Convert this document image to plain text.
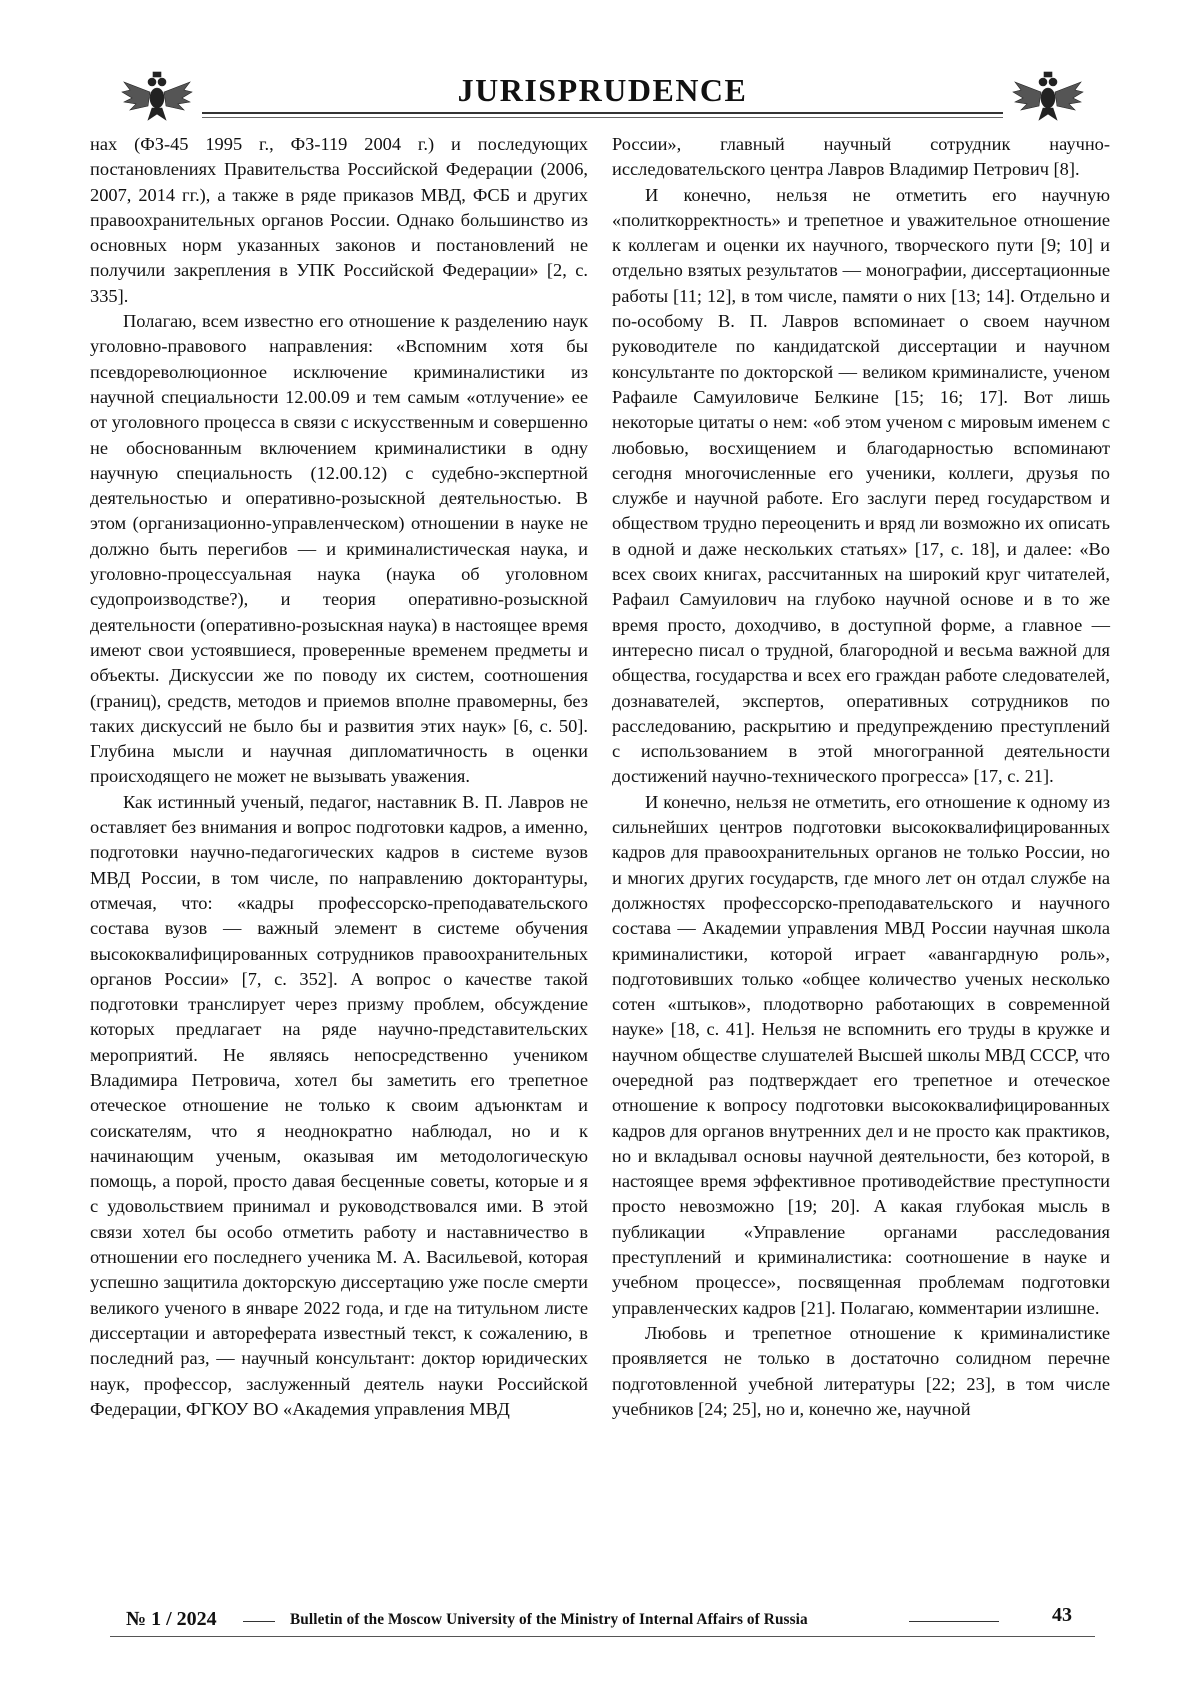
JURISPRUDENCE

нах (ФЗ-45 1995 г., ФЗ-119 2004 г.) и последующих постановлениях Правительства Российской Федерации (2006, 2007, 2014 гг.), а также в ряде приказов МВД, ФСБ и других правоохранительных органов России. Однако большинство из основных норм указанных законов и постановлений не получили закрепления в УПК Российской Федерации» [2, с. 335].

Полагаю, всем известно его отношение к разделению наук уголовно-правового направления: «Вспомним хотя бы псевдореволюционное исключение криминалистики из научной специальности 12.00.09 и тем самым «отлучение» ее от уголовного процесса в связи с искусственным и совершенно не обоснованным включением криминалистики в одну научную специальность (12.00.12) с судебно-экспертной деятельностью и оперативно-розыскной деятельностью. В этом (организационно-управленческом) отношении в науке не должно быть перегибов — и криминалистическая наука, и уголовно-процессуальная наука (наука об уголовном судопроизводстве?), и теория оперативно-розыскной деятельности (оперативно-розыскная наука) в настоящее время имеют свои устоявшиеся, проверенные временем предметы и объекты. Дискуссии же по поводу их систем, соотношения (границ), средств, методов и приемов вполне правомерны, без таких дискуссий не было бы и развития этих наук» [6, с. 50]. Глубина мысли и научная дипломатичность в оценки происходящего не может не вызывать уважения.

Как истинный ученый, педагог, наставник В. П. Лавров не оставляет без внимания и вопрос подготовки кадров, а именно, подготовки научно-педагогических кадров в системе вузов МВД России, в том числе, по направлению докторантуры, отмечая, что: «кадры профессорско-преподавательского состава вузов — важный элемент в системе обучения высококвалифицированных сотрудников правоохранительных органов России» [7, с. 352]. А вопрос о качестве такой подготовки транслирует через призму проблем, обсуждение которых предлагает на ряде научно-представительских мероприятий. Не являясь непосредственно учеником Владимира Петровича, хотел бы заметить его трепетное отеческое отношение не только к своим адъюнктам и соискателям, что я неоднократно наблюдал, но и к начинающим ученым, оказывая им методологическую помощь, а порой, просто давая бесценные советы, которые и я с удовольствием принимал и руководствовался ими. В этой связи хотел бы особо отметить работу и наставничество в отношении его последнего ученика М. А. Васильевой, которая успешно защитила докторскую диссертацию уже после смерти великого ученого в январе 2022 года, и где на титульном листе диссертации и автореферата известный текст, к сожалению, в последний раз, — научный консультант: доктор юридических наук, профессор, заслуженный деятель науки Российской Федерации, ФГКОУ ВО «Академия управления МВД

России», главный научный сотрудник научно-исследовательского центра Лавров Владимир Петрович [8].

И конечно, нельзя не отметить его научную «политкорректность» и трепетное и уважительное отношение к коллегам и оценки их научного, творческого пути [9; 10] и отдельно взятых результатов — монографии, диссертационные работы [11; 12], в том числе, памяти о них [13; 14]. Отдельно и по-особому В. П. Лавров вспоминает о своем научном руководителе по кандидатской диссертации и научном консультанте по докторской — великом криминалисте, ученом Рафаиле Самуиловиче Белкине [15; 16; 17]. Вот лишь некоторые цитаты о нем: «об этом ученом с мировым именем с любовью, восхищением и благодарностью вспоминают сегодня многочисленные его ученики, коллеги, друзья по службе и научной работе. Его заслуги перед государством и обществом трудно переоценить и вряд ли возможно их описать в одной и даже нескольких статьях» [17, с. 18], и далее: «Во всех своих книгах, рассчитанных на широкий круг читателей, Рафаил Самуилович на глубоко научной основе и в то же время просто, доходчиво, в доступной форме, а главное — интересно писал о трудной, благородной и весьма важной для общества, государства и всех его граждан работе следователей, дознавателей, экспертов, оперативных сотрудников по расследованию, раскрытию и предупреждению преступлений с использованием в этой многогранной деятельности достижений научно-технического прогресса» [17, с. 21].

И конечно, нельзя не отметить, его отношение к одному из сильнейших центров подготовки высококвалифицированных кадров для правоохранительных органов не только России, но и многих других государств, где много лет он отдал службе на должностях профессорско-преподавательского и научного состава — Академии управления МВД России научная школа криминалистики, которой играет «авангардную роль», подготовивших только «общее количество ученых несколько сотен «штыков», плодотворно работающих в современной науке» [18, с. 41]. Нельзя не вспомнить его труды в кружке и научном обществе слушателей Высшей школы МВД СССР, что очередной раз подтверждает его трепетное и отеческое отношение к вопросу подготовки высококвалифицированных кадров для органов внутренних дел и не просто как практиков, но и вкладывал основы научной деятельности, без которой, в настоящее время эффективное противодействие преступности просто невозможно [19; 20]. А какая глубокая мысль в публикации «Управление органами расследования преступлений и криминалистика: соотношение в науке и учебном процессе», посвященная проблемам подготовки управленческих кадров [21]. Полагаю, комментарии излишне.

Любовь и трепетное отношение к криминалистике проявляется не только в достаточно солидном перечне подготовленной учебной литературы [22; 23], в том числе учебников [24; 25], но и, конечно же, научной

№ 1 / 2024	Bulletin of the Moscow University of the Ministry of Internal Affairs of Russia	43
